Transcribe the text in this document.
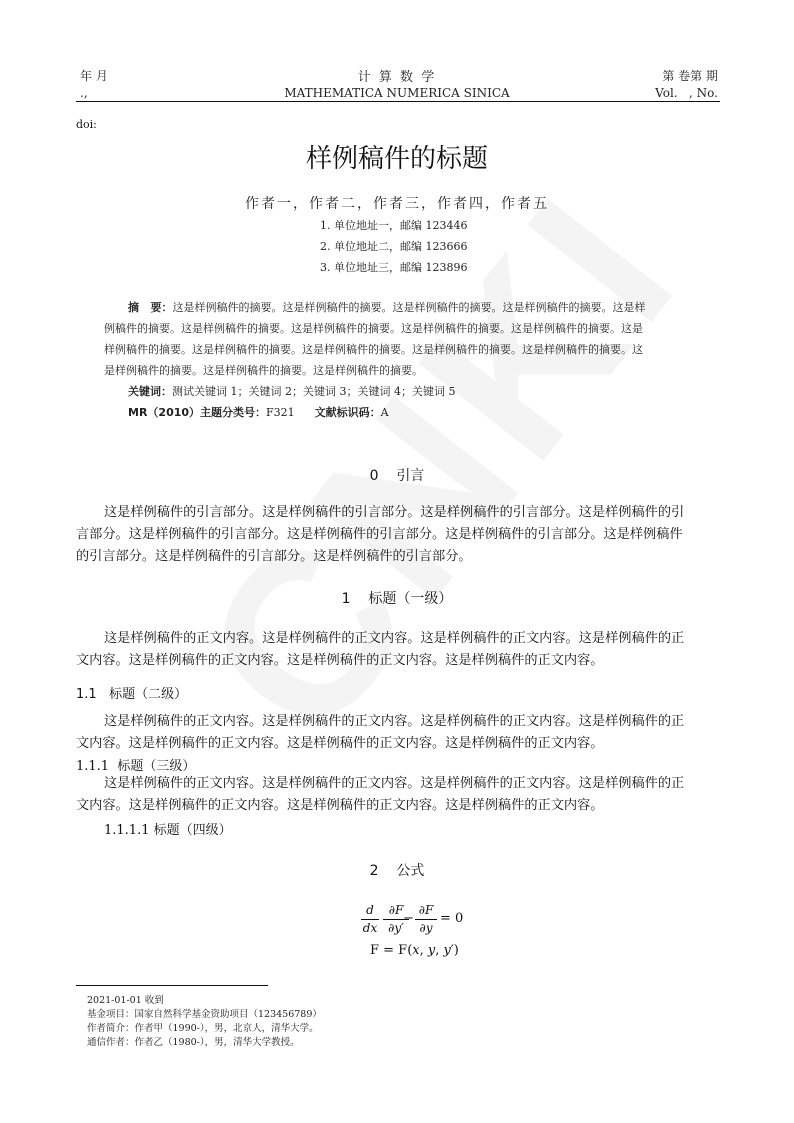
年 月
.,
计 算 数 学
MATHEMATICA NUMERICA SINICA
第 卷第 期
Vol.   , No.
doi:
样例稿件的标题
作者一，作者二，作者三，作者四，作者五
1. 单位地址一，邮编 123446
2. 单位地址二，邮编 123666
3. 单位地址三，邮编 123896
摘   要：这是样例稿件的摘要。这是样例稿件的摘要。这是样例稿件的摘要。这是样例稿件的摘要。这是样
例稿件的摘要。这是样例稿件的摘要。这是样例稿件的摘要。这是样例稿件的摘要。这是样例稿件的摘要。这是
样例稿件的摘要。这是样例稿件的摘要。这是样例稿件的摘要。这是样例稿件的摘要。这是样例稿件的摘要。这
是样例稿件的摘要。这是样例稿件的摘要。这是样例稿件的摘要。
关键词：测试关键词 1；关键词 2；关键词 3；关键词 4；关键词 5
MR（2010）主题分类号：F321 文献标识码：A
0    引言
这是样例稿件的引言部分。这是样例稿件的引言部分。这是样例稿件的引言部分。这是样例稿件的引
言部分。这是样例稿件的引言部分。这是样例稿件的引言部分。这是样例稿件的引言部分。这是样例稿件
的引言部分。这是样例稿件的引言部分。这是样例稿件的引言部分。
1    标题（一级）
这是样例稿件的正文内容。这是样例稿件的正文内容。这是样例稿件的正文内容。这是样例稿件的正
文内容。这是样例稿件的正文内容。这是样例稿件的正文内容。这是样例稿件的正文内容。
1.1   标题（二级）
这是样例稿件的正文内容。这是样例稿件的正文内容。这是样例稿件的正文内容。这是样例稿件的正
文内容。这是样例稿件的正文内容。这是样例稿件的正文内容。这是样例稿件的正文内容。
1.1.1  标题（三级）
这是样例稿件的正文内容。这是样例稿件的正文内容。这是样例稿件的正文内容。这是样例稿件的正
文内容。这是样例稿件的正文内容。这是样例稿件的正文内容。这是样例稿件的正文内容。
1.1.1.1 标题（四级）
2    公式
d
dx
∂F
∂y′
−
∂F
∂y
= 0
F = F(𝑥, 𝑦, 𝑦′)
2021-01-01 收到
基金项目：国家自然科学基金资助项目（123456789）
作者简介：作者甲（1990-），男，北京人，清华大学。
通信作者：作者乙（1980-），男，清华大学教授。
